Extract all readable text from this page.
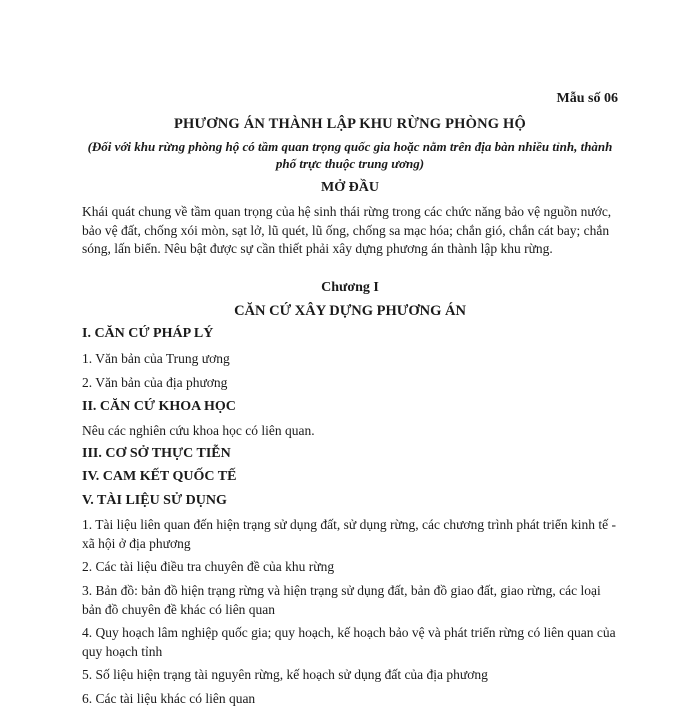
Mẫu số 06
PHƯƠNG ÁN THÀNH LẬP KHU RỪNG PHÒNG HỘ
(Đối với khu rừng phòng hộ có tầm quan trọng quốc gia hoặc nằm trên địa bàn nhiều tỉnh, thành phố trực thuộc trung ương)
MỞ ĐẦU
Khái quát chung về tầm quan trọng của hệ sinh thái rừng trong các chức năng bảo vệ nguồn nước, bảo vệ đất, chống xói mòn, sạt lở, lũ quét, lũ ống, chống sa mạc hóa; chắn gió, chắn cát bay; chắn sóng, lấn biển. Nêu bật được sự cần thiết phải xây dựng phương án thành lập khu rừng.
Chương I
CĂN CỨ XÂY DỰNG PHƯƠNG ÁN
I. CĂN CỨ PHÁP LÝ
1. Văn bản của Trung ương
2. Văn bản của địa phương
II. CĂN CỨ KHOA HỌC
Nêu các nghiên cứu khoa học có liên quan.
III. CƠ SỞ THỰC TIỄN
IV. CAM KẾT QUỐC TẾ
V. TÀI LIỆU SỬ DỤNG
1. Tài liệu liên quan đến hiện trạng sử dụng đất, sử dụng rừng, các chương trình phát triển kinh tế - xã hội ở địa phương
2. Các tài liệu điều tra chuyên đề của khu rừng
3. Bản đồ: bản đồ hiện trạng rừng và hiện trạng sử dụng đất, bản đồ giao đất, giao rừng, các loại bản đồ chuyên đề khác có liên quan
4. Quy hoạch lâm nghiệp quốc gia; quy hoạch, kế hoạch bảo vệ và phát triển rừng có liên quan của quy hoạch tỉnh
5. Số liệu hiện trạng tài nguyên rừng, kế hoạch sử dụng đất của địa phương
6. Các tài liệu khác có liên quan
